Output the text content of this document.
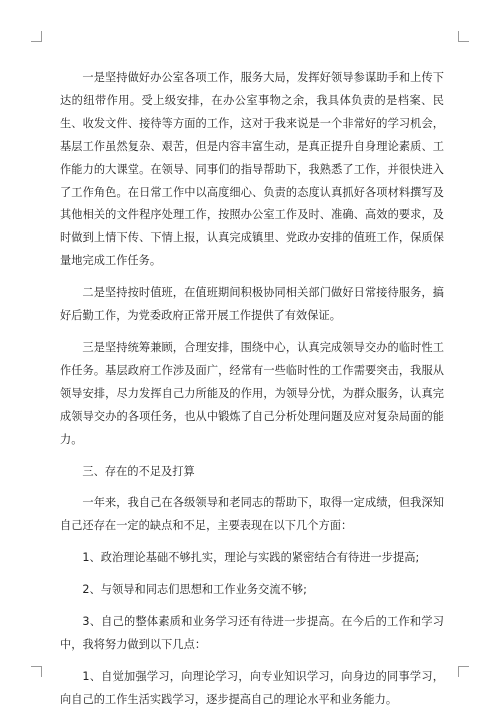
一是坚持做好办公室各项工作，服务大局，发挥好领导参谋助手和上传下达的纽带作用。受上级安排，在办公室事物之余，我具体负责的是档案、民生、收发文件、接待等方面的工作，这对于我来说是一个非常好的学习机会，基层工作虽然复杂、艰苦，但是内容丰富生动，是真正提升自身理论素质、工作能力的大课堂。在领导、同事们的指导帮助下，我熟悉了工作，并很快进入了工作角色。在日常工作中以高度细心、负责的态度认真抓好各项材料撰写及其他相关的文件程序处理工作，按照办公室工作及时、准确、高效的要求，及时做到上情下传、下情上报，认真完成镇里、党政办安排的值班工作，保质保量地完成工作任务。

二是坚持按时值班，在值班期间积极协同相关部门做好日常接待服务，搞好后勤工作，为党委政府正常开展工作提供了有效保证。

三是坚持统筹兼顾，合理安排，围绕中心，认真完成领导交办的临时性工作任务。基层政府工作涉及面广，经常有一些临时性的工作需要突击，我服从领导安排，尽力发挥自己力所能及的作用，为领导分忧，为群众服务，认真完成领导交办的各项任务，也从中锻炼了自己分析处理问题及应对复杂局面的能力。

三、存在的不足及打算

一年来，我自己在各级领导和老同志的帮助下，取得一定成绩，但我深知自己还存在一定的缺点和不足，主要表现在以下几个方面：

1、政治理论基础不够扎实，理论与实践的紧密结合有待进一步提高;

2、与领导和同志们思想和工作业务交流不够;

3、自己的整体素质和业务学习还有待进一步提高。在今后的工作和学习中，我将努力做到以下几点：

1、自觉加强学习，向理论学习，向专业知识学习，向身边的同事学习，向自己的工作生活实践学习，逐步提高自己的理论水平和业务能力。
